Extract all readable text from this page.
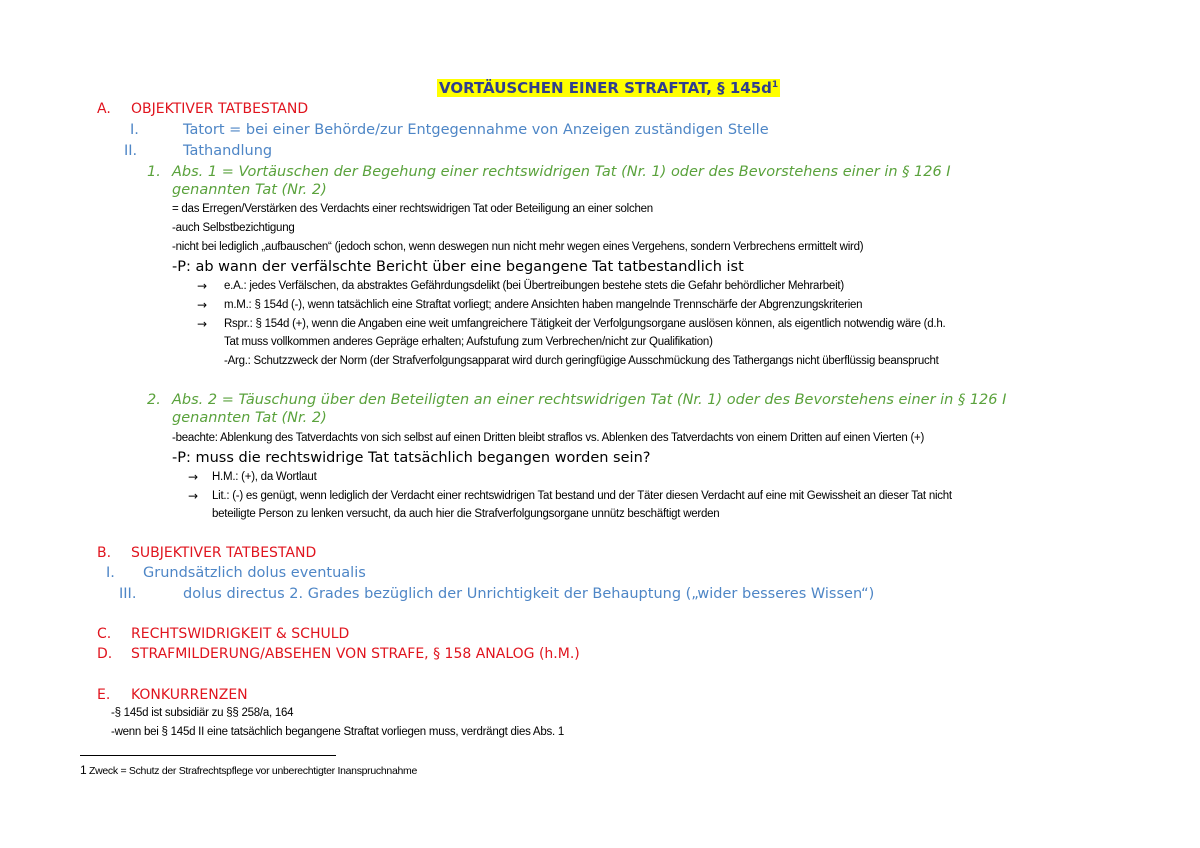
VORTÄUSCHEN EINER STRAFTAT, § $145d^1$
A. OBJEKTIVER TATBESTAND
I.	Tatort = bei einer Behörde/zur Entgegennahme von Anzeigen zuständigen Stelle
II.	Tathandlung
1. Abs. 1 = Vortäuschen der Begehung einer rechtswidrigen Tat (Nr. 1) oder des Bevorstehens einer in § 126 I
genannten Tat (Nr. 2)
= das Erregen/Verstärken des Verdachts einer rechtswidrigen Tat oder Beteiligung an einer solchen
-auch Selbstbezichtigung
-nicht bei lediglich „aufbauschen“ (jedoch schon, wenn deswegen nun nicht mehr wegen eines Vergehens, sondern Verbrechens ermittelt wird)
-P: ab wann der verfälschte Bericht über eine begangene Tat tatbestandlich ist
→ e.A.: jedes Verfälschen, da abstraktes Gefährdungsdelikt (bei Übertreibungen bestehe stets die Gefahr behördlicher Mehrarbeit)
→ m.M.: § 154d (-), wenn tatsächlich eine Straftat vorliegt; andere Ansichten haben mangelnde Trennschärfe der Abgrenzungskriterien
→ Rspr.: § 154d (+), wenn die Angaben eine weit umfangreichere Tätigkeit der Verfolgungsorgane auslösen können, als eigentlich notwendig wäre (d.h.
Tat muss vollkommen anderes Gepräge erhalten; Aufstufung zum Verbrechen/nicht zur Qualifikation)
-Arg.: Schutzzweck der Norm (der Strafverfolgungsapparat wird durch geringfügige Ausschmückung des Tathergangs nicht überflüssig beansprucht
2. Abs. 2 = Täuschung über den Beteiligten an einer rechtswidrigen Tat (Nr. 1) oder des Bevorstehens einer in § 126 I
genannten Tat (Nr. 2)
-beachte: Ablenkung des Tatverdachts von sich selbst auf einen Dritten bleibt straflos vs. Ablenken des Tatverdachts von einem Dritten auf einen Vierten (+)
-P: muss die rechtswidrige Tat tatsächlich begangen worden sein?
→ H.M.: (+), da Wortlaut
→ Lit.: (-) es genügt, wenn lediglich der Verdacht einer rechtswidrigen Tat bestand und der Täter diesen Verdacht auf eine mit Gewissheit an dieser Tat nicht
beteiligte Person zu lenken versucht, da auch hier die Strafverfolgungsorgane unnütz beschäftigt werden
B. SUBJEKTIVER TATBESTAND
I. Grundsätzlich dolus eventualis
III.	dolus directus 2. Grades bezüglich der Unrichtigkeit der Behauptung („wider besseres Wissen“)
C. RECHTSWIDRIGKEIT & SCHULD
D. STRAFMILDERUNG/ABSEHEN VON STRAFE, § 158 ANALOG (h.M.)
E. KONKURRENZEN
-§ 145d ist subsidiär zu §§ 258/a, 164
-wenn bei § 145d II eine tatsächlich begangene Straftat vorliegen muss, verdrängt dies Abs. 1
1 Zweck = Schutz der Strafrechtspflege vor unberechtigter Inanspruchnahme
